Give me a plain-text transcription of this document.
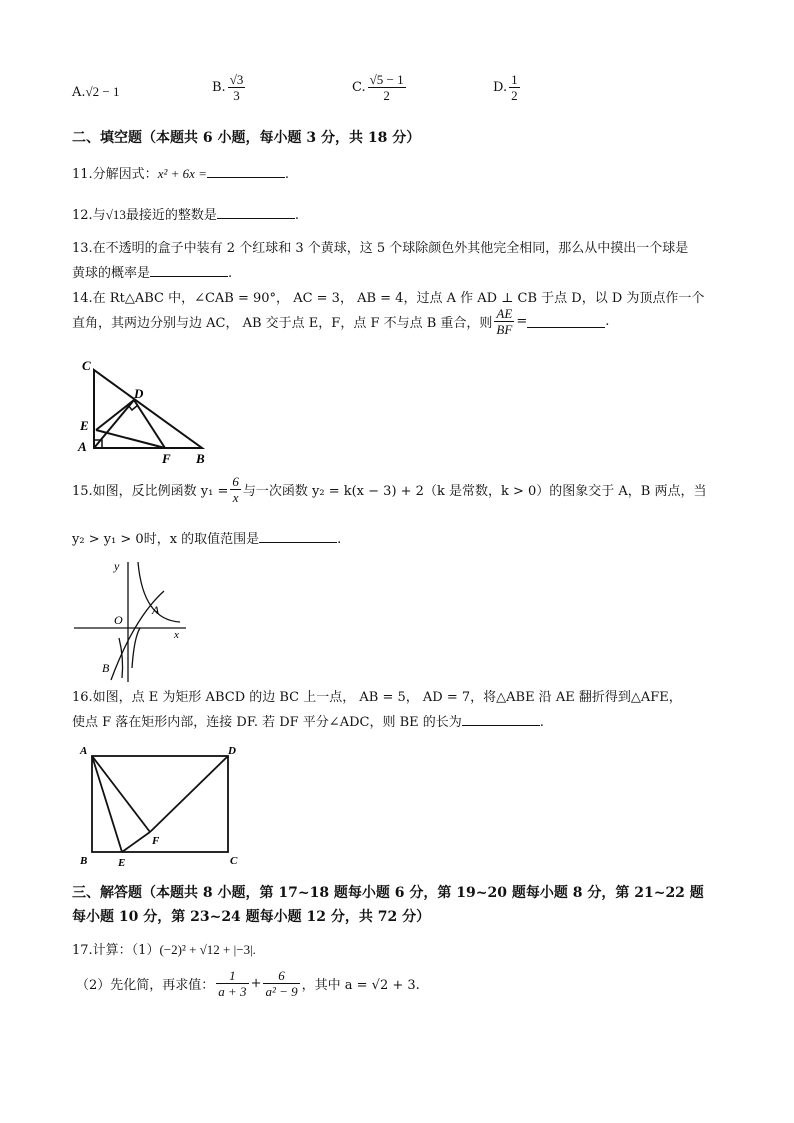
A.√2 − 1	B. $\frac{√3}{3}$	C. $\frac{√5 - 1}{2}$	D. $\frac{1}{2}$
二、填空题（本题共 6 小题，每小题 3 分，共 18 分）
11.分解因式：x² + 6x =	.
12.与√13最接近的整数是	.
13.在不透明的盒子中装有 2 个红球和 3 个黄球，这 5 个球除颜色外其他完全相同，那么从中摸出一个球是
黄球的概率是	.
14.在 Rt△ABC 中，∠CAB = 90°， AC = 3， AB = 4，过点 A 作 AD ⊥ CB 于点 D，以 D 为顶点作一个
直角，其两边分别与边 AC， AB 交于点 E，F，点 F 不与点 B 重合，则 $\frac{AE}{BF}$ =	.
C
D
E
A
F B
15.如图，反比例函数 $y_1 = \frac{6}{x}$ 与一次函数 y₂ = k(x − 3) + 2（k 是常数，k > 0）的图象交于 A，B 两点，当
y₂ > y₁ > 0时，x 的取值范围是	.
y
O
x
A
B
16.如图，点 E 为矩形 ABCD 的边 BC 上一点， AB = 5， AD = 7，将△ABE 沿 AE 翻折得到△AFE，
使点 F 落在矩形内部，连接 DF. 若 DF 平分∠ADC，则 BE 的长为	.
A	D
F
B	E	C
三、解答题（本题共 8 小题，第 17~18 题每小题 6 分，第 19~20 题每小题 8 分，第 21~22 题
每小题 10 分，第 23~24 题每小题 12 分，共 72 分）
17.计算：（1）(−2)² + √12 + |−3|.
（2）先化简，再求值： $\frac{1}{a + 3} + \frac{6}{\text{a² − 9}}$ ，其中 a = √2 + 3.
